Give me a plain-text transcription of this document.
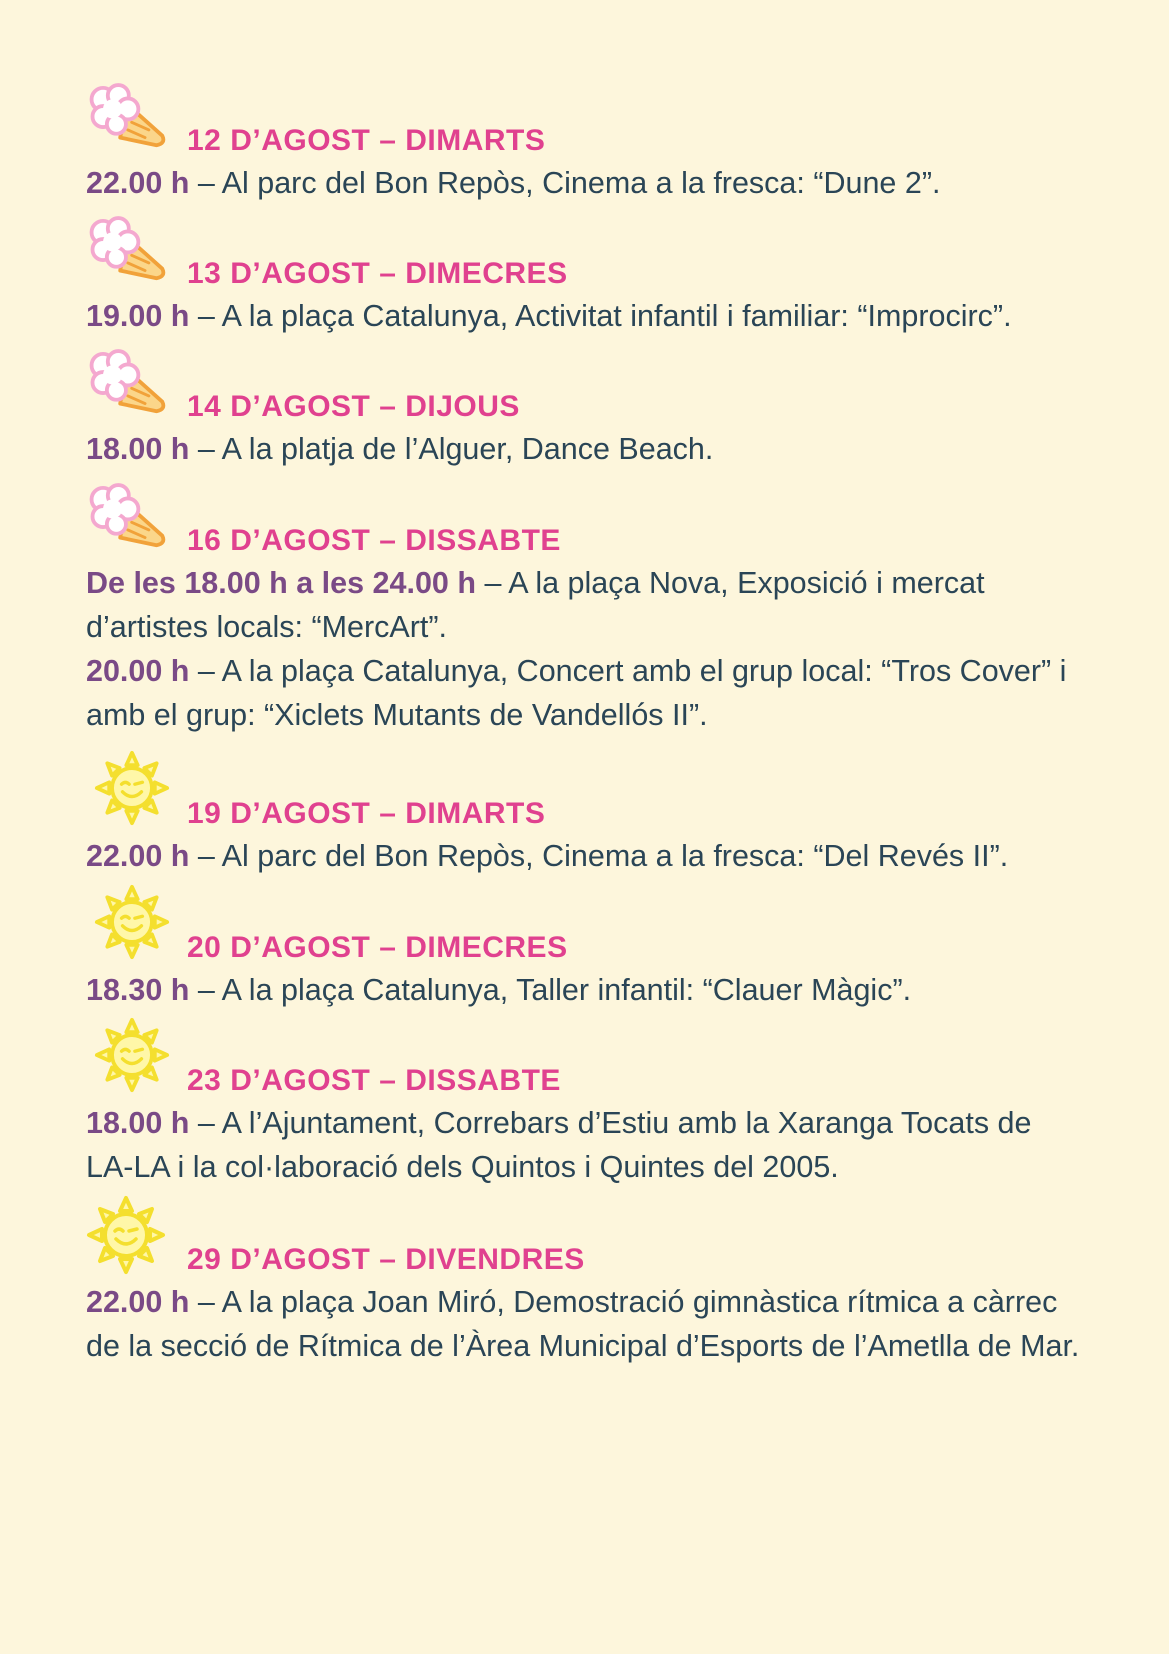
12 D’AGOST – DIMARTS
22.00 h – Al parc del Bon Repòs, Cinema a la fresca: “Dune 2”.
13 D’AGOST – DIMECRES
19.00 h – A la plaça Catalunya, Activitat infantil i familiar: “Improcirc”.
14 D’AGOST – DIJOUS
18.00 h – A la platja de l’Alguer, Dance Beach.
16 D’AGOST – DISSABTE
De les 18.00 h a les 24.00 h – A la plaça Nova, Exposició i mercat d’artistes locals: “MercArt”.
20.00 h – A la plaça Catalunya, Concert amb el grup local: “Tros Cover” i amb el grup: “Xiclets Mutants de Vandellós II”.
19 D’AGOST – DIMARTS
22.00 h – Al parc del Bon Repòs, Cinema a la fresca: “Del Revés II”.
20 D’AGOST – DIMECRES
18.30 h – A la plaça Catalunya, Taller infantil: “Clauer Màgic”.
23 D’AGOST – DISSABTE
18.00 h – A l’Ajuntament, Correbars d’Estiu amb la Xaranga Tocats de LA-LA i la col·laboració dels Quintos i Quintes del 2005.
29 D’AGOST – DIVENDRES
22.00 h – A la plaça Joan Miró, Demostració gimnàstica rítmica a càrrec de la secció de Rítmica de l’Àrea Municipal d’Esports de l’Ametlla de Mar.
